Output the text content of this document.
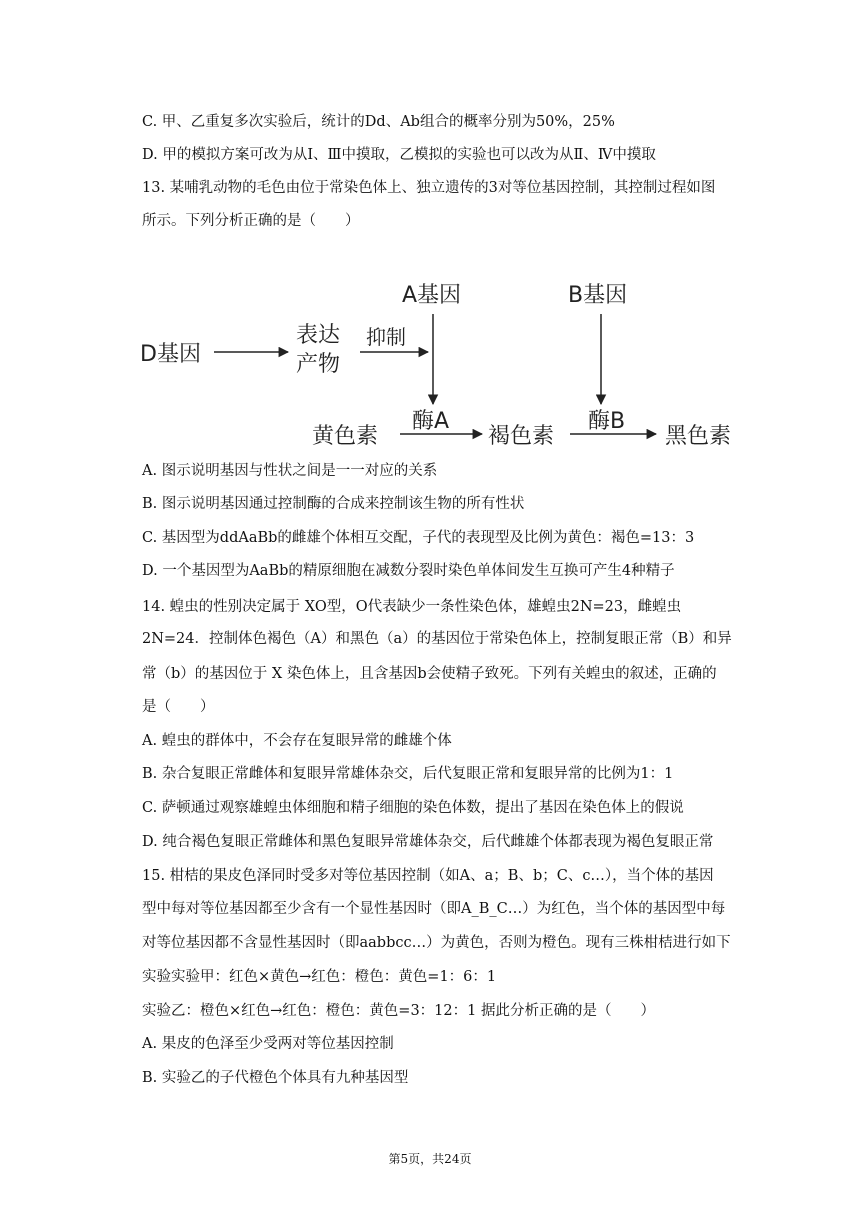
C. 甲、乙重复多次实验后，统计的Dd、Ab组合的概率分别为50%，25%
D. 甲的模拟方案可改为从Ⅰ、Ⅲ中摸取，乙模拟的实验也可以改为从Ⅱ、Ⅳ中摸取
13. 某哺乳动物的毛色由位于常染色体上、独立遗传的3对等位基因控制，其控制过程如图
所示。下列分析正确的是（　　）
D基因
表达
产物
抑制
A基因	B基因
黄色素
酶A
褐色素
酶B
黑色素
A. 图示说明基因与性状之间是一一对应的关系
B. 图示说明基因通过控制酶的合成来控制该生物的所有性状
C. 基因型为ddAaBb的雌雄个体相互交配，子代的表现型及比例为黄色：褐色=13：3
D. 一个基因型为AaBb的精原细胞在减数分裂时染色单体间发生互换可产生4种精子
14. 蝗虫的性别决定属于 XO型，O代表缺少一条性染色体，雄蝗虫2N=23，雌蝗虫
2N=24．控制体色褐色（A）和黑色（a）的基因位于常染色体上，控制复眼正常（B）和异
常（b）的基因位于 X 染色体上，且含基因b会使精子致死。下列有关蝗虫的叙述，正确的
是（　　）
A. 蝗虫的群体中，不会存在复眼异常的雌雄个体
B. 杂合复眼正常雌体和复眼异常雄体杂交，后代复眼正常和复眼异常的比例为1：1
C. 萨顿通过观察雄蝗虫体细胞和精子细胞的染色体数，提出了基因在染色体上的假说
D. 纯合褐色复眼正常雌体和黑色复眼异常雄体杂交，后代雌雄个体都表现为褐色复眼正常
15. 柑桔的果皮色泽同时受多对等位基因控制（如A、a；B、b；C、c…），当个体的基因
型中每对等位基因都至少含有一个显性基因时（即A_B_C…）为红色，当个体的基因型中每
对等位基因都不含显性基因时（即aabbcc…）为黄色，否则为橙色。现有三株柑桔进行如下
实验实验甲：红色×黄色→红色：橙色：黄色=1：6：1
实验乙：橙色×红色→红色：橙色：黄色=3：12：1 据此分析正确的是（　　）
A. 果皮的色泽至少受两对等位基因控制
B. 实验乙的子代橙色个体具有九种基因型
第5页，共24页
